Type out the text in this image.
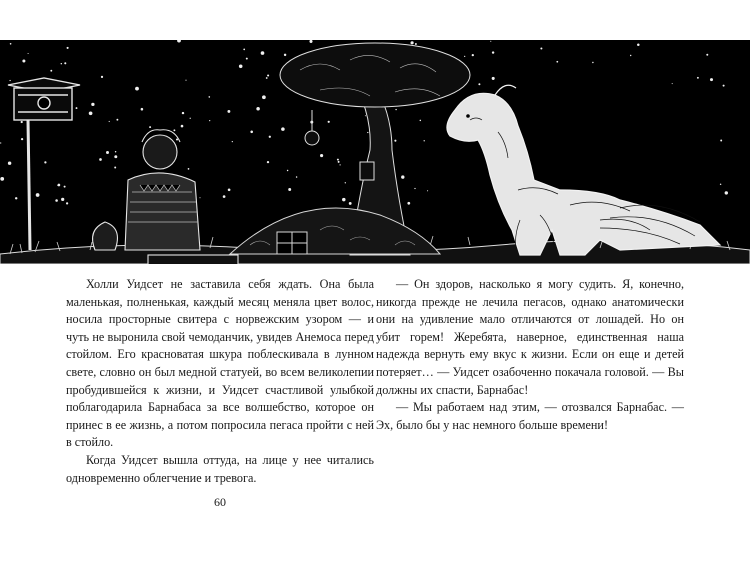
Холли Уидсет не заставила себя ждать. Она была маленькая, полненькая, каждый месяц меняла цвет волос, носила просторные свитера с норвежским узором — и чуть не выронила свой чемоданчик, увидев Анемоса перед стойлом. Его красноватая шкура поблескивала в лунном свете, словно он был медной статуей, во всем великолепии пробудившейся к жизни, и Уидсет счастливой улыбкой поблагодарила Барнабаса за все волшебство, которое он принес в ее жизнь, а потом попросила пегаса пройти с ней в стойло.

Когда Уидсет вышла оттуда, на лице у нее читались одновременно облегчение и тревога.

— Он здоров, насколько я могу судить. Я, конечно, никогда прежде не лечила пегасов, однако анатомически они на удивление мало отличаются от лошадей. Но он убит горем! Жеребята, наверное, единственная наша надежда вернуть ему вкус к жизни. Если он еще и детей потеряет… — Уидсет озабоченно покачала головой. — Вы должны их спасти, Барнабас!

— Мы работаем над этим, — отозвался Барнабас. — Эх, было бы у нас немного больше времени!

60
